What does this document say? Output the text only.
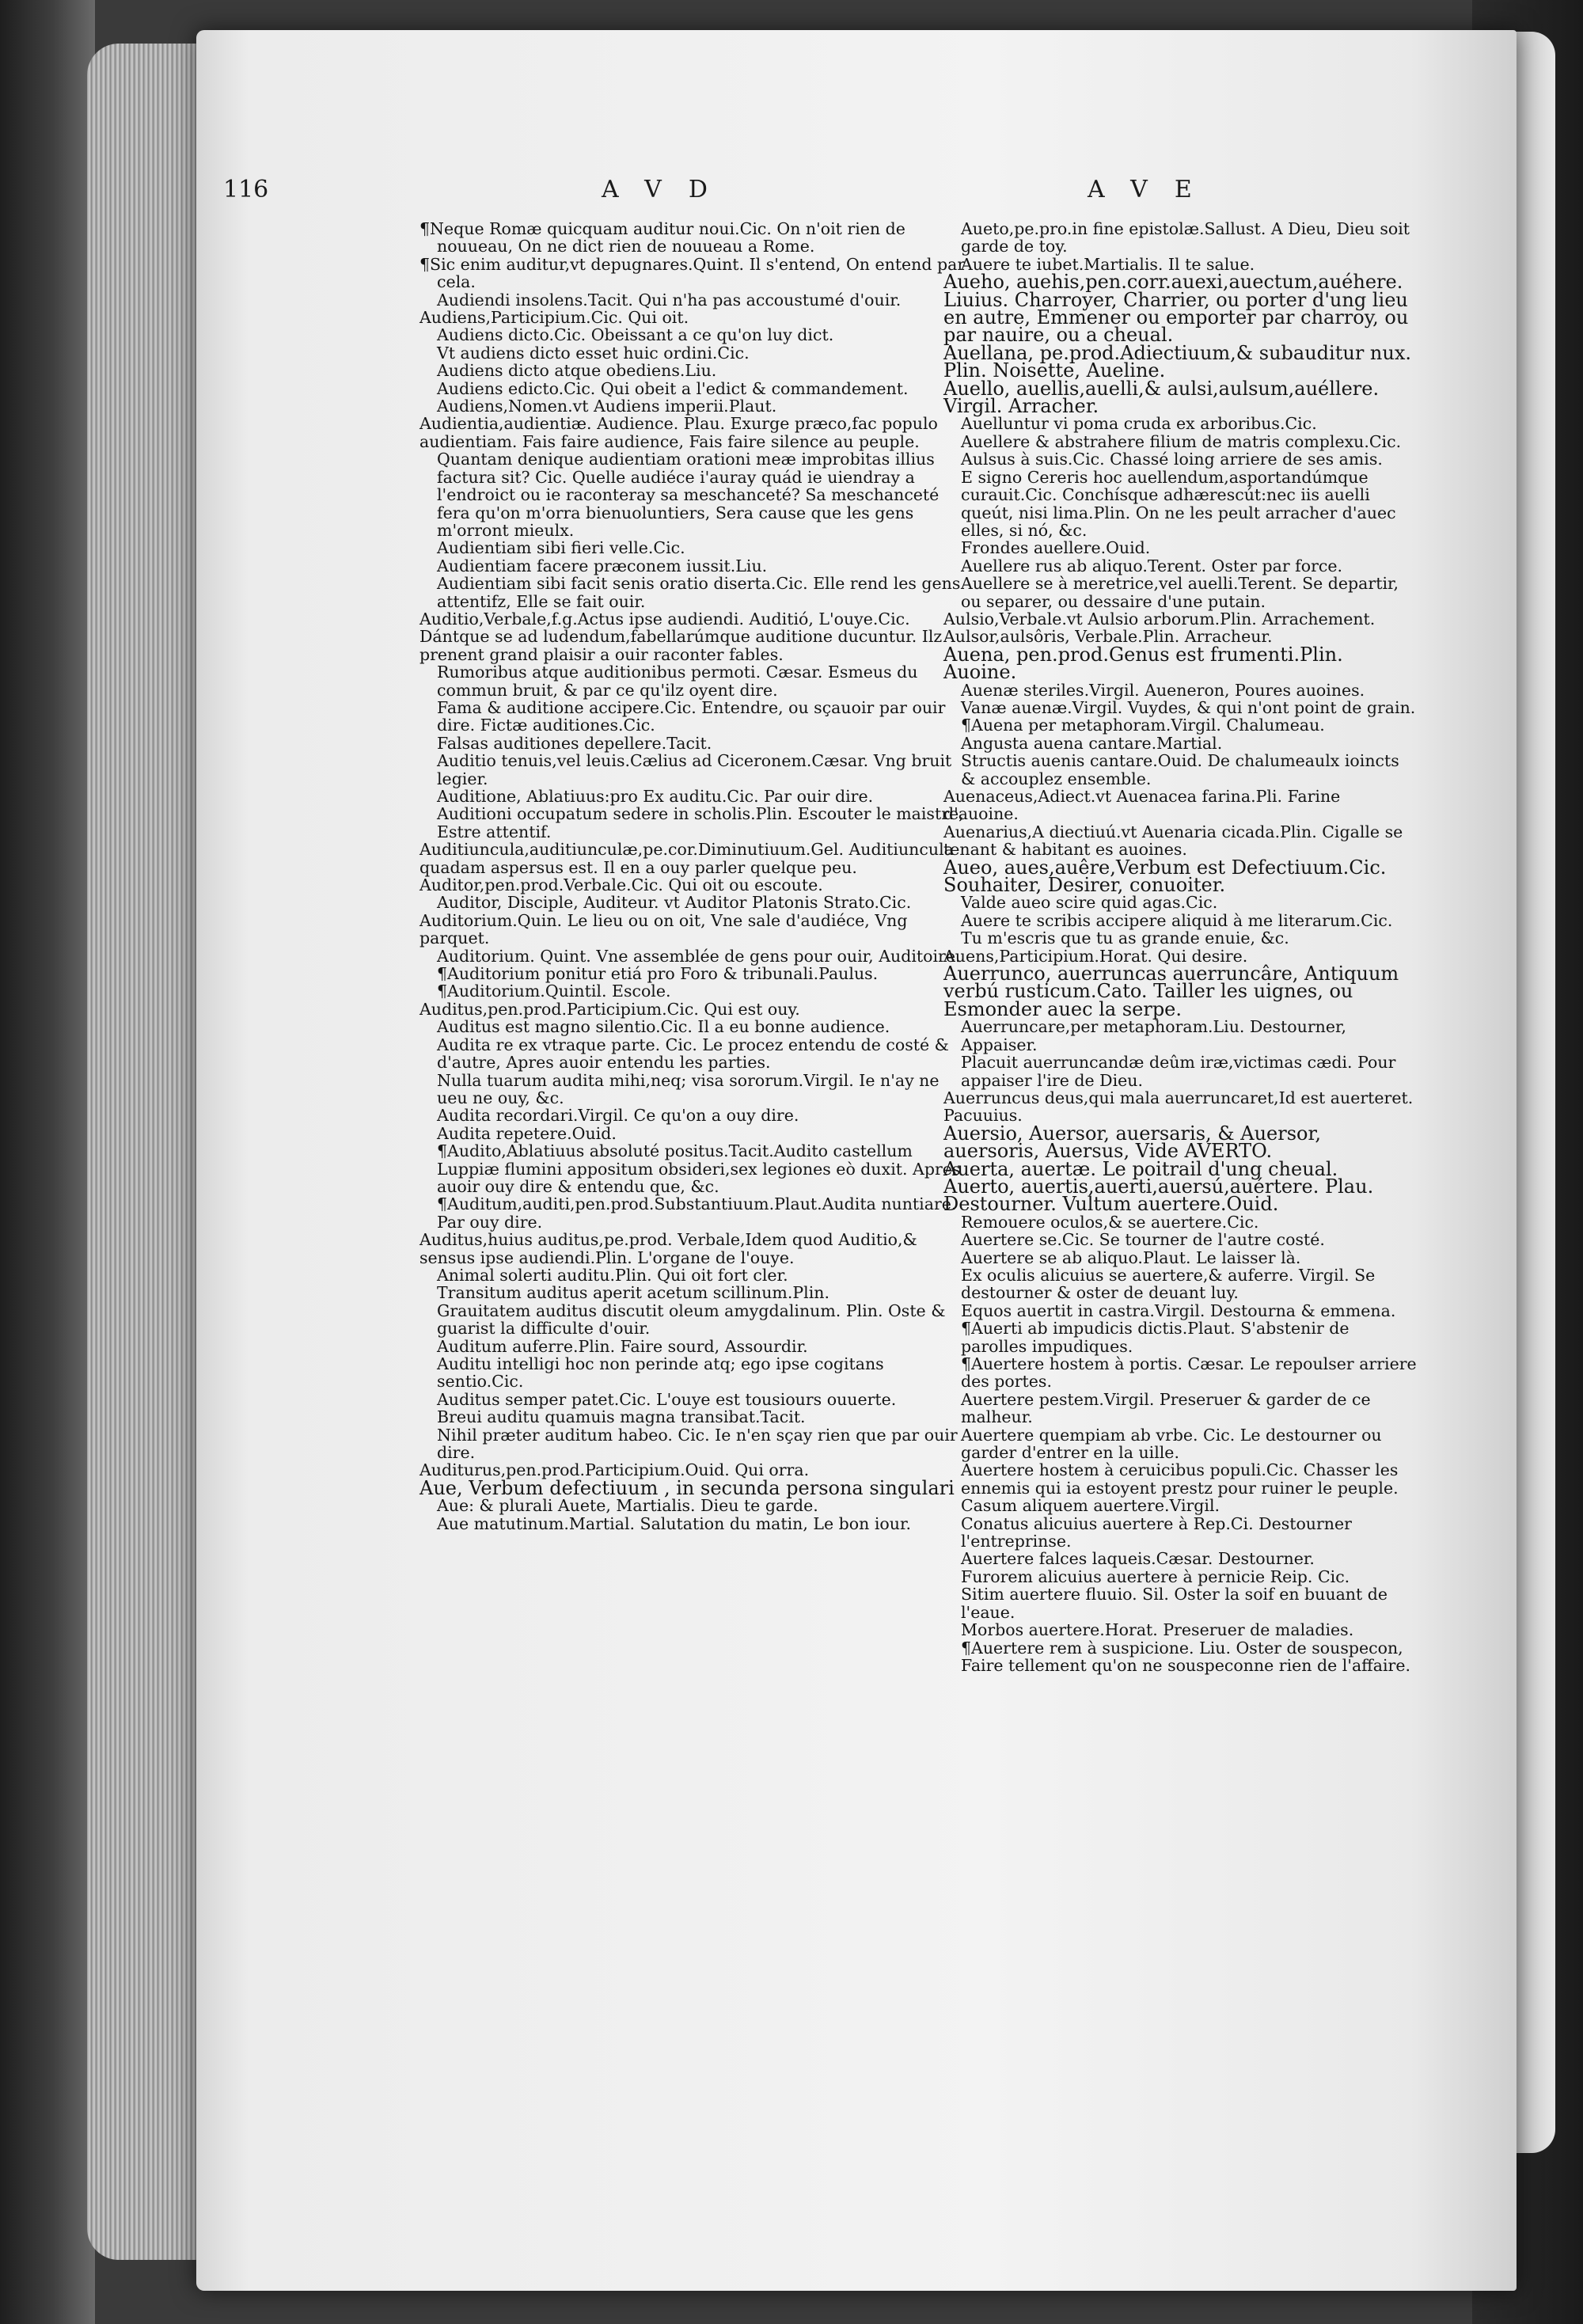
116	AVD	AVE

¶Neque Romæ quicquam auditur noui.Cic. On n'oit rien de nouueau, On ne dict rien de nouueau a Rome.

¶Sic enim auditur,vt depugnares.Quint. Il s'entend, On entend par cela.

Audiendi insolens.Tacit. Qui n'ha pas accoustumé d'ouir.

Audiens,Participium.Cic. Qui oit.

Audiens dicto.Cic. Obeissant a ce qu'on luy dict.

Vt audiens dicto esset huic ordini.Cic.

Audiens dicto atque obediens.Liu.

Audiens edicto.Cic. Qui obeit a l'edict & commandement.

Audiens,Nomen.vt Audiens imperii.Plaut.

Audientia,audientiæ. Audience. Plau. Exurge præco,fac populo audientiam. Fais faire audience, Fais faire silence au peuple.

Quantam denique audientiam orationi meæ improbitas illius factura sit? Cic. Quelle audiéce i'auray quád ie uiendray a l'endroict ou ie raconteray sa meschanceté? Sa meschanceté fera qu'on m'orra bienuoluntiers, Sera cause que les gens m'orront mieulx.

Audientiam sibi fieri velle.Cic.

Audientiam facere præconem iussit.Liu.

Audientiam sibi facit senis oratio diserta.Cic. Elle rend les gens attentifz, Elle se fait ouir.

Auditio,Verbale,f.g.Actus ipse audiendi. Auditió, L'ouye.Cic. Dántque se ad ludendum,fabellarúmque auditione ducuntur. Ilz prenent grand plaisir a ouir raconter fables.

Rumoribus atque auditionibus permoti. Cæsar. Esmeus du commun bruit, & par ce qu'ilz oyent dire.

Fama & auditione accipere.Cic. Entendre, ou sçauoir par ouir dire. Fictæ auditiones.Cic.

Falsas auditiones depellere.Tacit.

Auditio tenuis,vel leuis.Cælius ad Ciceronem.Cæsar. Vng bruit legier.

Auditione, Ablatiuus:pro Ex auditu.Cic. Par ouir dire.

Auditioni occupatum sedere in scholis.Plin. Escouter le maistre, Estre attentif.

Auditiuncula,auditiunculæ,pe.cor.Diminutiuum.Gel. Auditiuncula quadam aspersus est. Il en a ouy parler quelque peu.

Auditor,pen.prod.Verbale.Cic. Qui oit ou escoute.

Auditor, Disciple, Auditeur. vt Auditor Platonis Strato.Cic.

Auditorium.Quin. Le lieu ou on oit, Vne sale d'audiéce, Vng parquet.

Auditorium. Quint. Vne assemblée de gens pour ouir, Auditoire.

¶Auditorium ponitur etiá pro Foro & tribunali.Paulus.

¶Auditorium.Quintil. Escole.

Auditus,pen.prod.Participium.Cic. Qui est ouy.

Auditus est magno silentio.Cic. Il a eu bonne audience.

Audita re ex vtraque parte. Cic. Le procez entendu de costé & d'autre, Apres auoir entendu les parties.

Nulla tuarum audita mihi,neq; visa sororum.Virgil. Ie n'ay ne ueu ne ouy, &c.

Audita recordari.Virgil. Ce qu'on a ouy dire.

Audita repetere.Ouid.

¶Audito,Ablatiuus absoluté positus.Tacit.Audito castellum Luppiæ flumini appositum obsideri,sex legiones eò duxit. Apres auoir ouy dire & entendu que, &c.

¶Auditum,auditi,pen.prod.Substantiuum.Plaut.Audita nuntiare. Par ouy dire.

Auditus,huius auditus,pe.prod. Verbale,Idem quod Auditio,& sensus ipse audiendi.Plin. L'organe de l'ouye.

Animal solerti auditu.Plin. Qui oit fort cler.

Transitum auditus aperit acetum scillinum.Plin.

Grauitatem auditus discutit oleum amygdalinum. Plin. Oste & guarist la difficulte d'ouir.

Auditum auferre.Plin. Faire sourd, Assourdir.

Auditu intelligi hoc non perinde atq; ego ipse cogitans sentio.Cic.

Auditus semper patet.Cic. L'ouye est tousiours ouuerte.

Breui auditu quamuis magna transibat.Tacit.

Nihil præter auditum habeo. Cic. Ie n'en sçay rien que par ouir dire.

Auditurus,pen.prod.Participium.Ouid. Qui orra.

Aue, Verbum defectiuum , in secunda persona singulari

Aue: & plurali Auete, Martialis. Dieu te garde.

Aue matutinum.Martial. Salutation du matin, Le bon iour.

Aueto,pe.pro.in fine epistolæ.Sallust. A Dieu, Dieu soit garde de toy.

Auere te iubet.Martialis. Il te salue.

Aueho, auehis,pen.corr.auexi,auectum,auéhere. Liuius. Charroyer, Charrier, ou porter d'ung lieu en autre, Emmener ou emporter par charroy, ou par nauire, ou a cheual.

Auellana, pe.prod.Adiectiuum,& subauditur nux. Plin. Noisette, Aueline.

Auello, auellis,auelli,& aulsi,aulsum,auéllere. Virgil. Arracher.

Auelluntur vi poma cruda ex arboribus.Cic.

Auellere & abstrahere filium de matris complexu.Cic.

Aulsus à suis.Cic. Chassé loing arriere de ses amis.

E signo Cereris hoc auellendum,asportandúmque curauit.Cic. Conchísque adhærescút:nec iis auelli queút, nisi lima.Plin. On ne les peult arracher d'auec elles, si nó, &c.

Frondes auellere.Ouid.

Auellere rus ab aliquo.Terent. Oster par force.

Auellere se à meretrice,vel auelli.Terent. Se departir, ou separer, ou dessaire d'une putain.

Aulsio,Verbale.vt Aulsio arborum.Plin. Arrachement.

Aulsor,aulsôris, Verbale.Plin. Arracheur.

Auena, pen.prod.Genus est frumenti.Plin. Auoine.

Auenæ steriles.Virgil. Aueneron, Poures auoines.

Vanæ auenæ.Virgil. Vuydes, & qui n'ont point de grain.

¶Auena per metaphoram.Virgil. Chalumeau.

Angusta auena cantare.Martial.

Structis auenis cantare.Ouid. De chalumeaulx ioincts & accouplez ensemble.

Auenaceus,Adiect.vt Auenacea farina.Pli. Farine d'auoine.

Auenarius,A diectiuú.vt Auenaria cicada.Plin. Cigalle se tenant & habitant es auoines.

Aueo, aues,auêre,Verbum est Defectiuum.Cic. Souhaiter, Desirer, conuoiter.

Valde aueo scire quid agas.Cic.

Auere te scribis accipere aliquid à me literarum.Cic. Tu m'escris que tu as grande enuie, &c.

Auens,Participium.Horat. Qui desire.

Auerrunco, auerruncas auerruncâre, Antiquum verbú rusticum.Cato. Tailler les uignes, ou Esmonder auec la serpe.

Auerruncare,per metaphoram.Liu. Destourner, Appaiser.

Placuit auerruncandæ deûm iræ,victimas cædi. Pour appaiser l'ire de Dieu.

Auerruncus deus,qui mala auerruncaret,Id est auerteret. Pacuuius.

Auersio, Auersor, auersaris, & Auersor, auersoris, Auersus, Vide AVERTO.

Auerta, auertæ. Le poitrail d'ung cheual.

Auerto, auertis,auerti,auersú,auértere. Plau. Destourner. Vultum auertere.Ouid.

Remouere oculos,& se auertere.Cic.

Auertere se.Cic. Se tourner de l'autre costé.

Auertere se ab aliquo.Plaut. Le laisser là.

Ex oculis alicuius se auertere,& auferre. Virgil. Se destourner & oster de deuant luy.

Equos auertit in castra.Virgil. Destourna & emmena.

¶Auerti ab impudicis dictis.Plaut. S'abstenir de parolles impudiques.

¶Auertere hostem à portis. Cæsar. Le repoulser arriere des portes.

Auertere pestem.Virgil. Preseruer & garder de ce malheur.

Auertere quempiam ab vrbe. Cic. Le destourner ou garder d'entrer en la uille.

Auertere hostem à ceruicibus populi.Cic. Chasser les ennemis qui ia estoyent prestz pour ruiner le peuple.

Casum aliquem auertere.Virgil.

Conatus alicuius auertere à Rep.Ci. Destourner l'entreprinse.

Auertere falces laqueis.Cæsar. Destourner.

Furorem alicuius auertere à pernicie Reip. Cic.

Sitim auertere fluuio. Sil. Oster la soif en buuant de l'eaue.

Morbos auertere.Horat. Preseruer de maladies.

¶Auertere rem à suspicione. Liu. Oster de souspecon, Faire tellement qu'on ne souspeconne rien de l'affaire.
